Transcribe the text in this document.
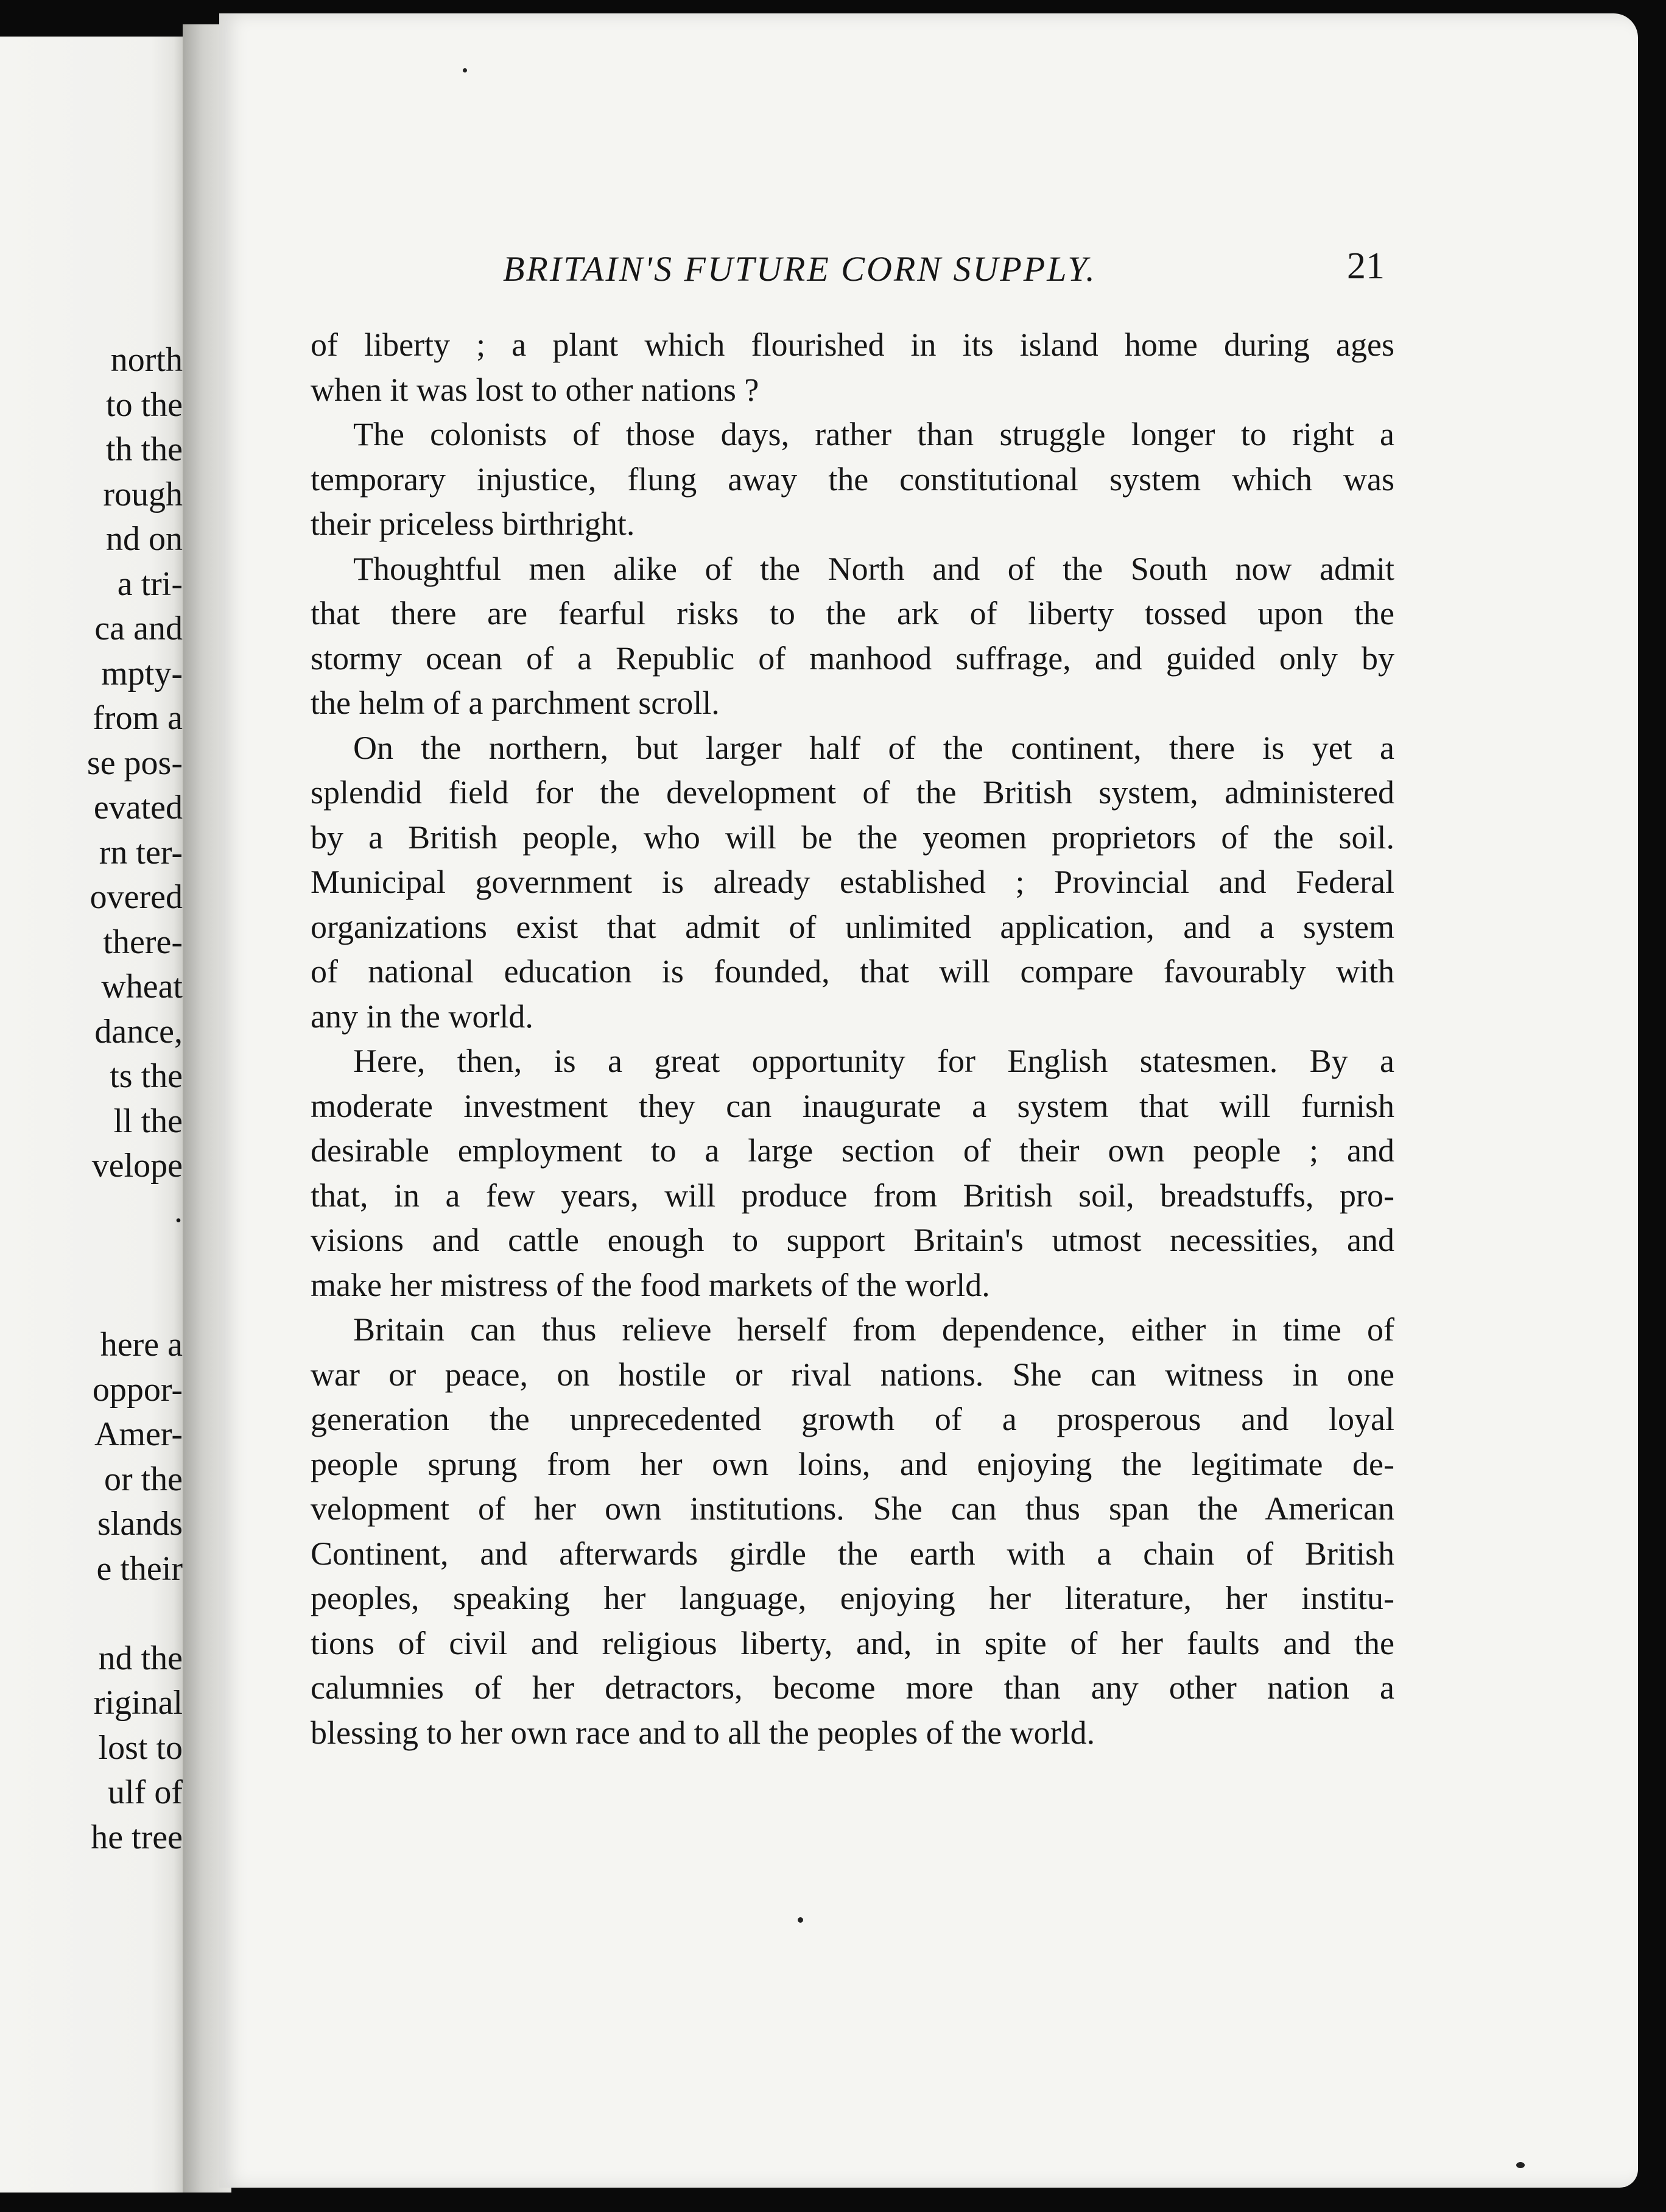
north
to the
th the
rough
nd on
a tri-
ca and
mpty-
from a
se pos-
evated
rn ter-
overed
there-
wheat
dance,
ts the
ll the
velope
.
here a
oppor-
Amer-
or the
slands
e their
nd the
riginal
lost to
ulf of
he tree
BRITAIN'S FUTURE CORN SUPPLY.	21
of liberty ; a plant which flourished in its island home during ages
when it was lost to other nations ?
The colonists of those days, rather than struggle longer to right a
temporary injustice, flung away the constitutional system which was
their priceless birthright.
Thoughtful men alike of the North and of the South now admit
that there are fearful risks to the ark of liberty tossed upon the
stormy ocean of a Republic of manhood suffrage, and guided only by
the helm of a parchment scroll.
On the northern, but larger half of the continent, there is yet a
splendid field for the development of the British system, administered
by a British people, who will be the yeomen proprietors of the soil.
Municipal government is already established ; Provincial and Federal
organizations exist that admit of unlimited application, and a system
of national education is founded, that will compare favourably with
any in the world.
Here, then, is a great opportunity for English statesmen. By a
moderate investment they can inaugurate a system that will furnish
desirable employment to a large section of their own people ; and
that, in a few years, will produce from British soil, breadstuffs, pro-
visions and cattle enough to support Britain's utmost necessities, and
make her mistress of the food markets of the world.
Britain can thus relieve herself from dependence, either in time of
war or peace, on hostile or rival nations. She can witness in one
generation the unprecedented growth of a prosperous and loyal
people sprung from her own loins, and enjoying the legitimate de-
velopment of her own institutions. She can thus span the American
Continent, and afterwards girdle the earth with a chain of British
peoples, speaking her language, enjoying her literature, her institu-
tions of civil and religious liberty, and, in spite of her faults and the
calumnies of her detractors, become more than any other nation a
blessing to her own race and to all the peoples of the world.
